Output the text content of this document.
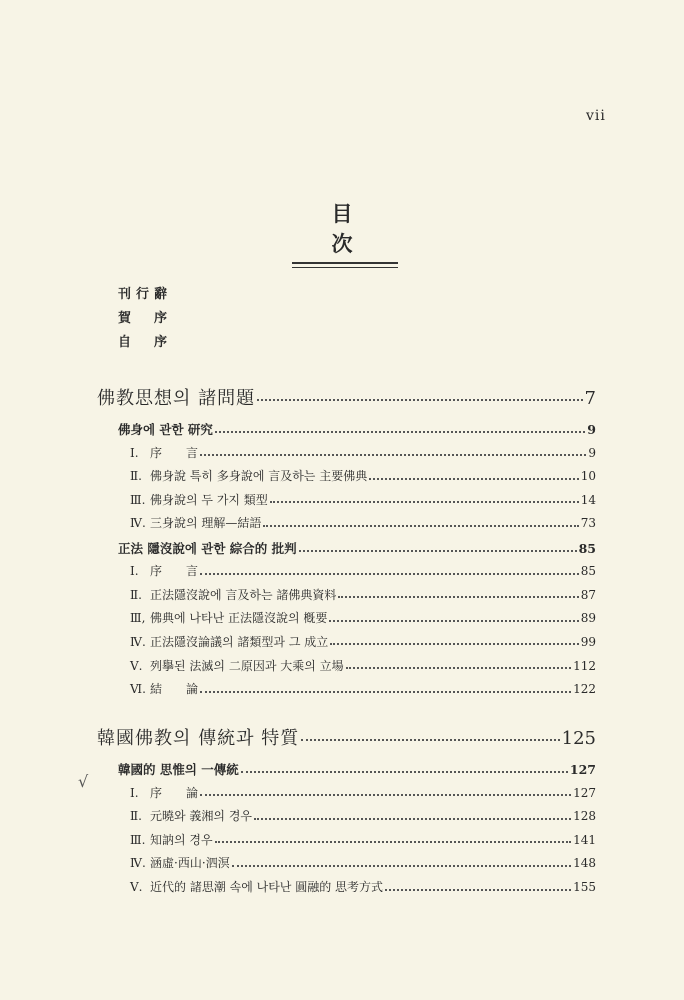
vii
目　次
刊行辭
賀　序
自　序
√
佛教思想의 諸問題	7
佛身에 관한 研究	9
Ⅰ. 序　　言	9
Ⅱ. 佛身說 특히 多身說에 言及하는 主要佛典	10
Ⅲ. 佛身說의 두 가지 類型	14
Ⅳ. 三身說의 理解—結語	73
正法 隱沒說에 관한 綜合的 批判	85
Ⅰ. 序　　言	85
Ⅱ. 正法隱沒說에 言及하는 諸佛典資料	87
Ⅲ, 佛典에 나타난 正法隱沒說의 槪要	89
Ⅳ. 正法隱沒論議의 諸類型과 그 成立	99
Ⅴ. 列擧된 法滅의 二原因과 大乘의 立場	112
Ⅵ. 結　　論	122
韓國佛教의 傳統과 特質	125
韓國的 思惟의 一傳統	127
Ⅰ. 序　　論	127
Ⅱ. 元曉와 義湘의 경우	128
Ⅲ. 知訥의 경우	141
Ⅳ. 涵虛·西山·泗溟	148
Ⅴ. 近代的 諸思潮 속에 나타난 圓融的 思考方式	155
